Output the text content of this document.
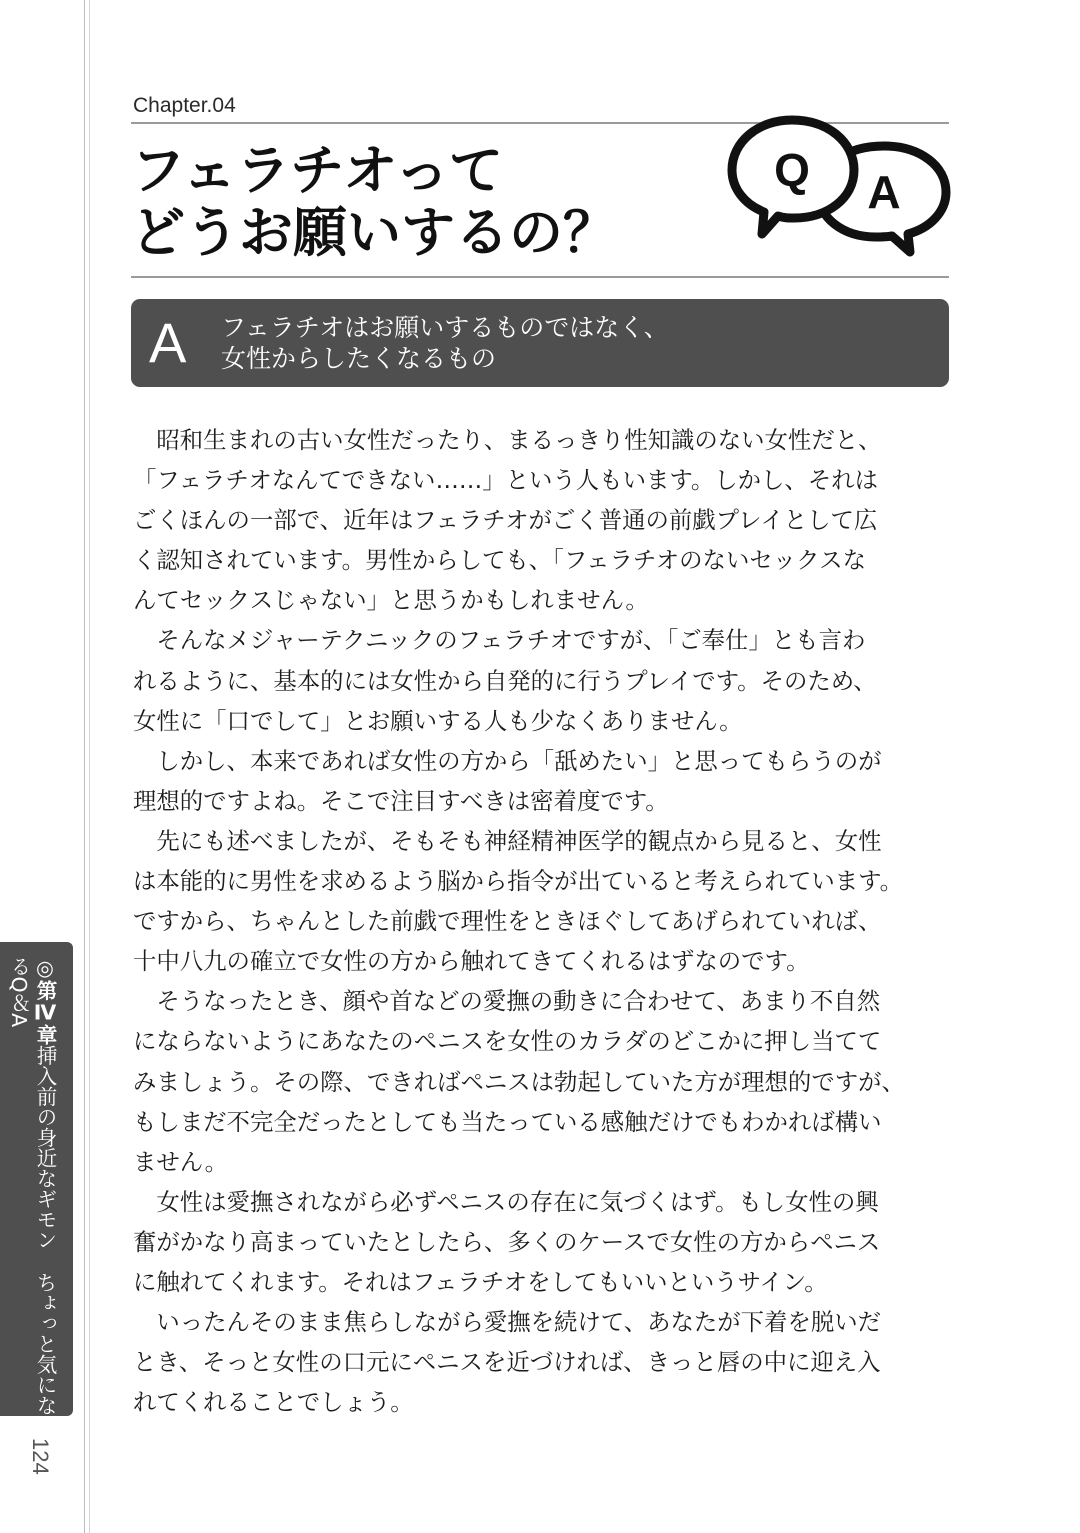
Chapter.04
フェラチオって
どうお願いするの？
Q A
A フェラチオはお願いするものではなく、
女性からしたくなるもの
　昭和生まれの古い女性だったり、まるっきり性知識のない女性だと、
「フェラチオなんてできない……」という人もいます。しかし、それは
ごくほんの一部で、近年はフェラチオがごく普通の前戯プレイとして広
く認知されています。男性からしても、「フェラチオのないセックスな
んてセックスじゃない」と思うかもしれません。
　そんなメジャーテクニックのフェラチオですが、「ご奉仕」とも言わ
れるように、基本的には女性から自発的に行うプレイです。そのため、
女性に「口でして」とお願いする人も少なくありません。
　しかし、本来であれば女性の方から「舐めたい」と思ってもらうのが
理想的ですよね。そこで注目すべきは密着度です。
　先にも述べましたが、そもそも神経精神医学的観点から見ると、女性
は本能的に男性を求めるよう脳から指令が出ていると考えられています。
ですから、ちゃんとした前戯で理性をときほぐしてあげられていれば、
十中八九の確立で女性の方から触れてきてくれるはずなのです。
　そうなったとき、顔や首などの愛撫の動きに合わせて、あまり不自然
にならないようにあなたのペニスを女性のカラダのどこかに押し当てて
みましょう。その際、できればペニスは勃起していた方が理想的ですが、
もしまだ不完全だったとしても当たっている感触だけでもわかれば構い
ません。
　女性は愛撫されながら必ずペニスの存在に気づくはず。もし女性の興
奮がかなり高まっていたとしたら、多くのケースで女性の方からペニス
に触れてくれます。それはフェラチオをしてもいいというサイン。
　いったんそのまま焦らしながら愛撫を続けて、あなたが下着を脱いだ
とき、そっと女性の口元にペニスを近づければ、きっと唇の中に迎え入
れてくれることでしょう。
◎第Ⅳ章挿入前の身近なギモンちょっと気になるQ＆A
124
